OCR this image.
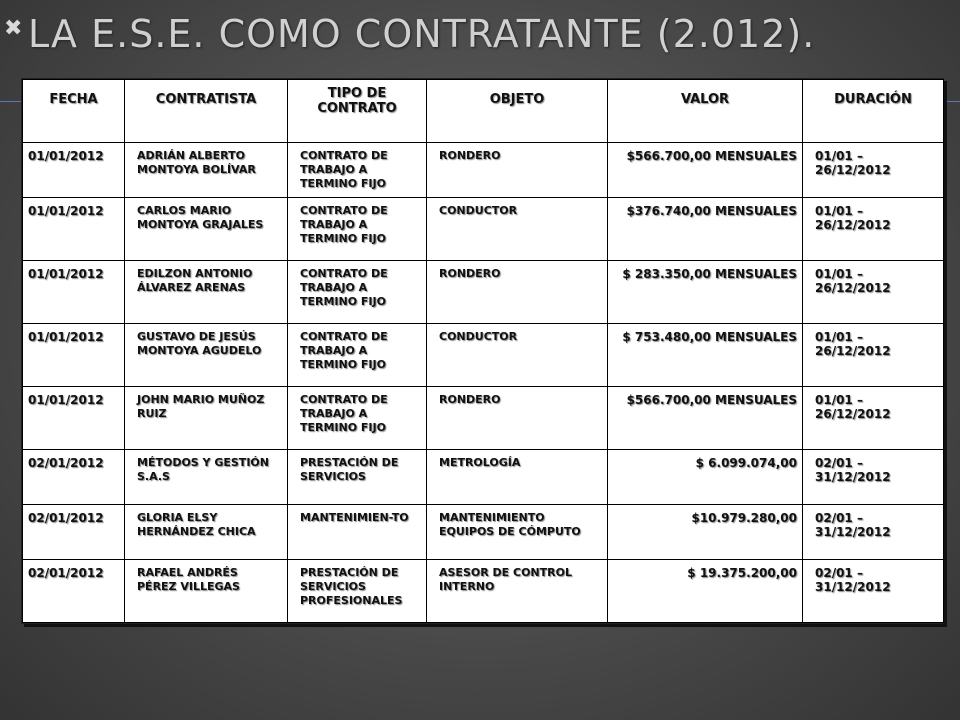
✖ LA E.S.E. COMO CONTRATANTE (2.012).
FECHA	CONTRATISTA	TIPO DE CONTRATO	OBJETO	VALOR	DURACIÓN
01/01/2012	ADRIÁN ALBERTO MONTOYA BOLÍVAR	CONTRATO DE TRABAJO A TERMINO FIJO	RONDERO	$566.700,00 MENSUALES	01/01 – 26/12/2012
01/01/2012	CARLOS MARIO MONTOYA GRAJALES	CONTRATO DE TRABAJO A TERMINO FIJO	CONDUCTOR	$376.740,00 MENSUALES	01/01 – 26/12/2012
01/01/2012	EDILZON ANTONIO ÁLVAREZ ARENAS	CONTRATO DE TRABAJO A TERMINO FIJO	RONDERO	$ 283.350,00 MENSUALES	01/01 – 26/12/2012
01/01/2012	GUSTAVO DE JESÚS MONTOYA AGUDELO	CONTRATO DE TRABAJO A TERMINO FIJO	CONDUCTOR	$ 753.480,00 MENSUALES	01/01 – 26/12/2012
01/01/2012	JOHN MARIO MUÑOZ RUIZ	CONTRATO DE TRABAJO A TERMINO FIJO	RONDERO	$566.700,00 MENSUALES	01/01 – 26/12/2012
02/01/2012	MÉTODOS Y GESTIÓN S.A.S	PRESTACIÓN DE SERVICIOS	METROLOGÍA	$ 6.099.074,00	02/01 – 31/12/2012
02/01/2012	GLORIA ELSY HERNÁNDEZ CHICA	MANTENIMIEN-TO	MANTENIMIENTO EQUIPOS DE CÓMPUTO	$10.979.280,00	02/01 – 31/12/2012
02/01/2012	RAFAEL ANDRÉS PÉREZ VILLEGAS	PRESTACIÓN DE SERVICIOS PROFESIONALES	ASESOR DE CONTROL INTERNO	$ 19.375.200,00	02/01 – 31/12/2012
